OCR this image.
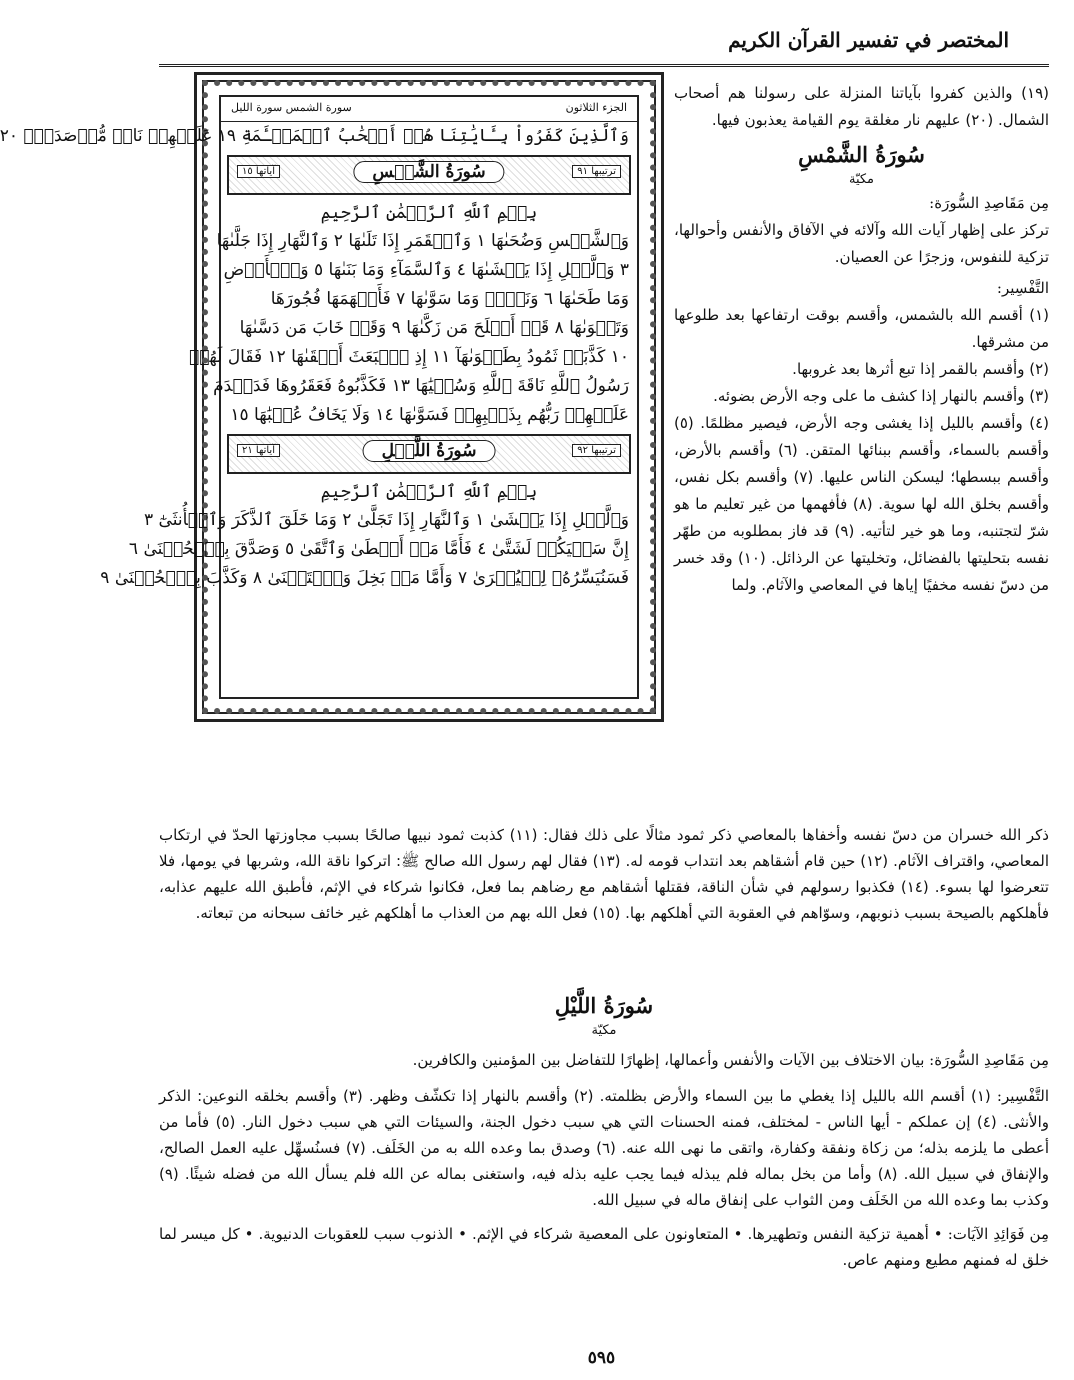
المختصر في تفسير القرآن الكريم
الجزء الثلاثون
سورة الشمس سورة الليل
وَٱلَّذِينَ كَفَرُواْ بِـَٔايَٰتِنَا هُمۡ أَصۡحَٰبُ ٱلۡمَشۡـَٔمَةِ ١٩ عَلَيۡهِمۡ نَارٞ مُّؤۡصَدَةُۢ ٢٠
ترتيبها ٩١
سُورَةُ الشَّمۡسِ
آياتها ١٥
بِسۡمِ ٱللَّهِ ٱلرَّحۡمَٰنِ ٱلرَّحِيمِ
وَٱلشَّمۡسِ وَضُحَىٰهَا ١ وَٱلۡقَمَرِ إِذَا تَلَىٰهَا ٢ وَٱلنَّهَارِ إِذَا جَلَّىٰهَا
٣ وَٱلَّيۡلِ إِذَا يَغۡشَىٰهَا ٤ وَٱلسَّمَآءِ وَمَا بَنَىٰهَا ٥ وَٱلۡأَرۡضِ
وَمَا طَحَىٰهَا ٦ وَنَفۡسٖ وَمَا سَوَّىٰهَا ٧ فَأَلۡهَمَهَا فُجُورَهَا
وَتَقۡوَىٰهَا ٨ قَدۡ أَفۡلَحَ مَن زَكَّىٰهَا ٩ وَقَدۡ خَابَ مَن دَسَّىٰهَا
١٠ كَذَّبَتۡ ثَمُودُ بِطَغۡوَىٰهَآ ١١ إِذِ ٱنۢبَعَثَ أَشۡقَىٰهَا ١٢ فَقَالَ لَهُمۡ
رَسُولُ ٱللَّهِ نَاقَةَ ٱللَّهِ وَسُقۡيَٰهَا ١٣ فَكَذَّبُوهُ فَعَقَرُوهَا فَدَمۡدَمَ
عَلَيۡهِمۡ رَبُّهُم بِذَنۢبِهِمۡ فَسَوَّىٰهَا ١٤ وَلَا يَخَافُ عُقۡبَٰهَا ١٥
ترتيبها ٩٢
سُورَةُ اللَّيۡلِ
آياتها ٢١
بِسۡمِ ٱللَّهِ ٱلرَّحۡمَٰنِ ٱلرَّحِيمِ
وَٱلَّيۡلِ إِذَا يَغۡشَىٰ ١ وَٱلنَّهَارِ إِذَا تَجَلَّىٰ ٢ وَمَا خَلَقَ ٱلذَّكَرَ وَٱلۡأُنثَىٰٓ ٣
إِنَّ سَعۡيَكُمۡ لَشَتَّىٰ ٤ فَأَمَّا مَنۡ أَعۡطَىٰ وَٱتَّقَىٰ ٥ وَصَدَّقَ بِٱلۡحُسۡنَىٰ ٦
فَسَنُيَسِّرُهُۥ لِلۡيُسۡرَىٰ ٧ وَأَمَّا مَنۢ بَخِلَ وَٱسۡتَغۡنَىٰ ٨ وَكَذَّبَ بِٱلۡحُسۡنَىٰ ٩

(١٩) والذين كفروا بآياتنا المنزلة على رسولنا هم أصحاب الشمال. (٢٠) عليهم نار مغلقة يوم القيامة يعذبون فيها.

سُورَةُ الشَّمْسِ
مكيّة

مِن مَقَاصِدِ السُّورَة:

تركز على إظهار آيات الله وآلائه في الآفاق والأنفس وأحوالها، تزكية للنفوس، وزجرًا عن العصيان.

التَّفْسِير:

(١) أقسم الله بالشمس، وأقسم بوقت ارتفاعها بعد طلوعها من مشرقها.

(٢) وأقسم بالقمر إذا تبع أثرها بعد غروبها.

(٣) وأقسم بالنهار إذا كشف ما على وجه الأرض بضوئه.

(٤) وأقسم بالليل إذا يغشى وجه الأرض، فيصير مظلمًا. (٥) وأقسم بالسماء، وأقسم ببنائها المتقن. (٦) وأقسم بالأرض، وأقسم ببسطها؛ ليسكن الناس عليها. (٧) وأقسم بكل نفس، وأقسم بخلق الله لها سوية. (٨) فأفهمها من غير تعليم ما هو شرّ لتجتنبه، وما هو خير لتأتيه. (٩) قد فاز بمطلوبه من طهّر نفسه بتحليتها بالفضائل، وتخليتها عن الرذائل. (١٠) وقد خسر من دسّ نفسه مخفيًا إياها في المعاصي والآثام. ولما

ذكر الله خسران من دسّ نفسه وأخفاها بالمعاصي ذكر ثمود مثالًا على ذلك فقال: (١١) كذبت ثمود نبيها صالحًا بسبب مجاوزتها الحدّ في ارتكاب المعاصي، واقتراف الآثام. (١٢) حين قام أشقاهم بعد انتداب قومه له. (١٣) فقال لهم رسول الله صالح ﷺ: اتركوا ناقة الله، وشربها في يومها، فلا تتعرضوا لها بسوء. (١٤) فكذبوا رسولهم في شأن الناقة، فقتلها أشقاهم مع رضاهم بما فعل، فكانوا شركاء في الإثم، فأطبق الله عليهم عذابه، فأهلكهم بالصيحة بسبب ذنوبهم، وسوّاهم في العقوبة التي أهلكهم بها. (١٥) فعل الله بهم من العذاب ما أهلكهم غير خائف سبحانه من تبعاته.

سُورَةُ اللَّيْلِ
مكيّة

مِن مَقَاصِدِ السُّورَة: بيان الاختلاف بين الآيات والأنفس وأعمالها، إظهارًا للتفاضل بين المؤمنين والكافرين.

التَّفْسِير: (١) أقسم الله بالليل إذا يغطي ما بين السماء والأرض بظلمته. (٢) وأقسم بالنهار إذا تكشّف وظهر. (٣) وأقسم بخلقه النوعين: الذكر والأنثى. (٤) إن عملكم - أيها الناس - لمختلف، فمنه الحسنات التي هي سبب دخول الجنة، والسيئات التي هي سبب دخول النار. (٥) فأما من أعطى ما يلزمه بذله؛ من زكاة ونفقة وكفارة، واتقى ما نهى الله عنه. (٦) وصدق بما وعده الله به من الخَلَف. (٧) فسنُسهِّل عليه العمل الصالح، والإنفاق في سبيل الله. (٨) وأما من بخل بماله فلم يبذله فيما يجب عليه بذله فيه، واستغنى بماله عن الله فلم يسأل الله من فضله شيئًا. (٩) وكذب بما وعده الله من الخَلَف ومن الثواب على إنفاق ماله في سبيل الله.

مِن فَوَائِدِ الآيَات: • أهمية تزكية النفس وتطهيرها. • المتعاونون على المعصية شركاء في الإثم. • الذنوب سبب للعقوبات الدنيوية. • كل ميسر لما خلق له فمنهم مطيع ومنهم عاص.

٥٩٥
